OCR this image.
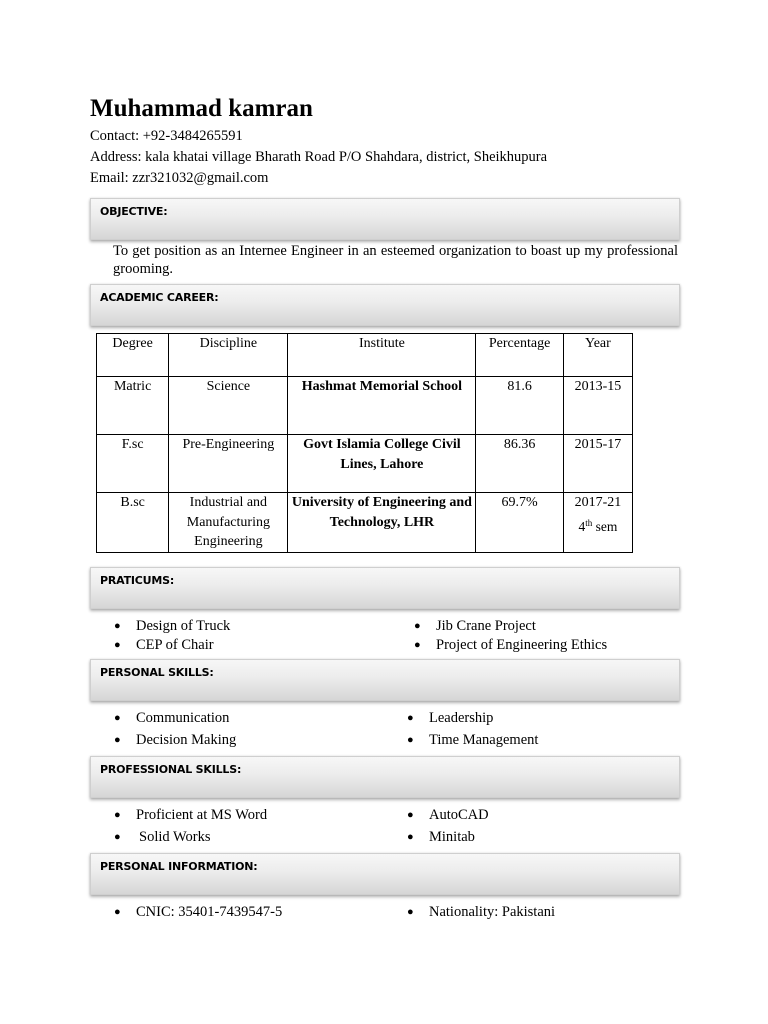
Muhammad kamran
Contact: +92-3484265591
Address: kala khatai village Bharath Road P/O Shahdara, district, Sheikhupura
Email: zzr321032@gmail.com
OBJECTIVE:

To get position as an Internee Engineer in an esteemed organization to boast up my professional grooming.

ACADEMIC CAREER:
Degree	Discipline	Institute	Percentage	Year
Matric	Science	Hashmat Memorial School	81.6	2013-15
F.sc	Pre-Engineering	Govt Islamia College Civil Lines, Lahore	86.36	2015-17
B.sc	Industrial and Manufacturing Engineering	University of Engineering and Technology, LHR	69.7%	2017-21
4th sem
PRATICUMS:
● Design of Truck
● CEP of Chair
● Jib Crane Project
● Project of Engineering Ethics
PERSONAL SKILLS:
● Communication
● Decision Making
● Leadership
● Time Management
PROFESSIONAL SKILLS:
● Proficient at MS Word
● Solid Works
● AutoCAD
● Minitab
PERSONAL INFORMATION:
● CNIC: 35401-7439547-5	● Nationality: Pakistani
